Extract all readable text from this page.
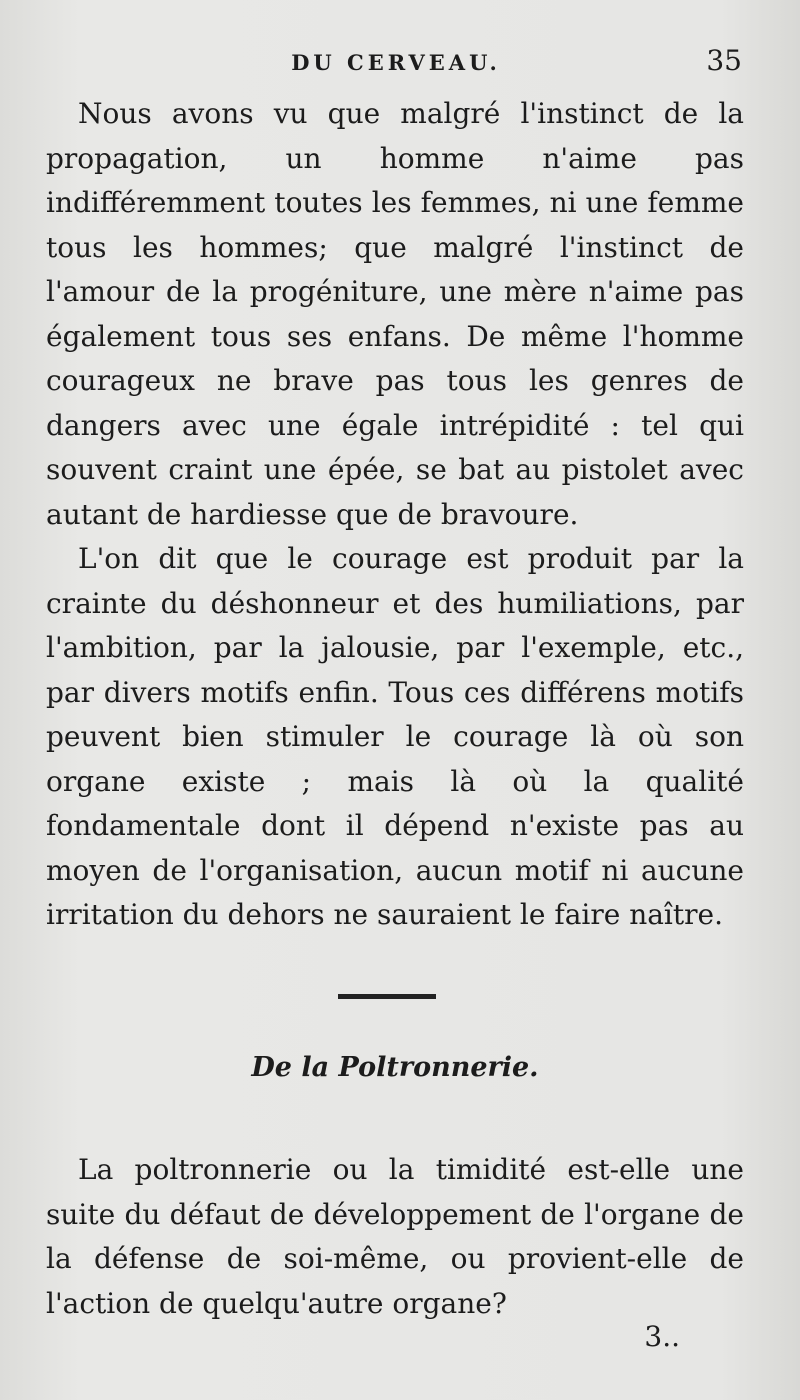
DU CERVEAU.	35

Nous avons vu que malgré l'instinct de la propagation, un homme n'aime pas indifféremment toutes les femmes, ni une femme tous les hommes; que malgré l'instinct de l'amour de la progéniture, une mère n'aime pas également tous ses enfans. De même l'homme courageux ne brave pas tous les genres de dangers avec une égale intrépidité : tel qui souvent craint une épée, se bat au pistolet avec autant de hardiesse que de bravoure.

L'on dit que le courage est produit par la crainte du déshonneur et des humiliations, par l'ambition, par la jalousie, par l'exemple, etc., par divers motifs enfin. Tous ces différens motifs peuvent bien stimuler le courage là où son organe existe ; mais là où la qualité fondamentale dont il dépend n'existe pas au moyen de l'organisation, aucun motif ni aucune irritation du dehors ne sauraient le faire naître.

De la Poltronnerie.

La poltronnerie ou la timidité est-elle une suite du défaut de développement de l'organe de la défense de soi-même, ou provient-elle de l'action de quelqu'autre organe?

3..
